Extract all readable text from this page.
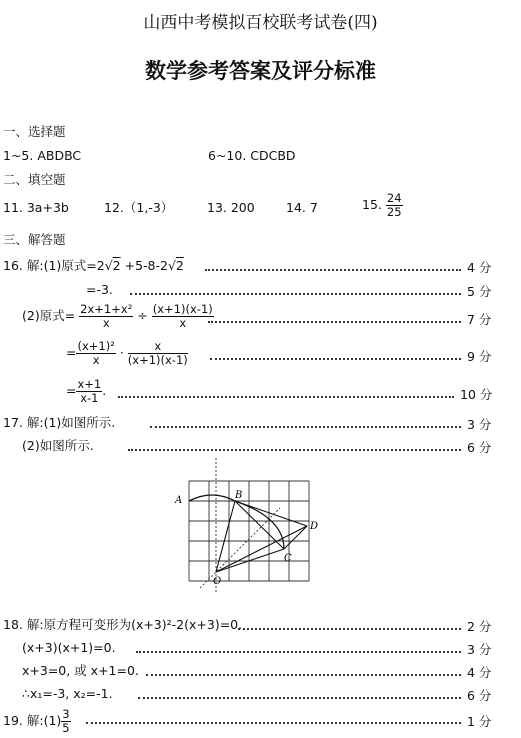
山西中考模拟百校联考试卷(四)
数学参考答案及评分标准
一、选择题
1~5. ABDBC	6~10. CDCBD
二、填空题
11. 3a+3b	12.（1,-3）	13. 200	14. 7	15. $\frac{24}{25}$
三、解答题
16. 解:(1)原式=2√2 +5-8-2√2	4 分
=-3.	5 分
(2)原式= $\frac{\text{2x+1+x²}}{x} \div \frac{(x+1)(x-1)}{x}$	7 分
= $\frac{\text{(x+1)²}}{x} \cdot \frac{x}{(x+1)(x-1)}$	9 分
= $\frac{x+1}{x-1}$ .	10 分
17. 解:(1)如图所示.	3 分
(2)如图所示.	6 分
A	B
C
D
O
18. 解:原方程可变形为(x+3)²-2(x+3)=0.	2 分
(x+3)(x+1)=0.	3 分
x+3=0, 或 x+1=0.	4 分
∴x₁=-3, x₂=-1.	6 分
19. 解:(1) $\frac{3}{5}$	1 分
